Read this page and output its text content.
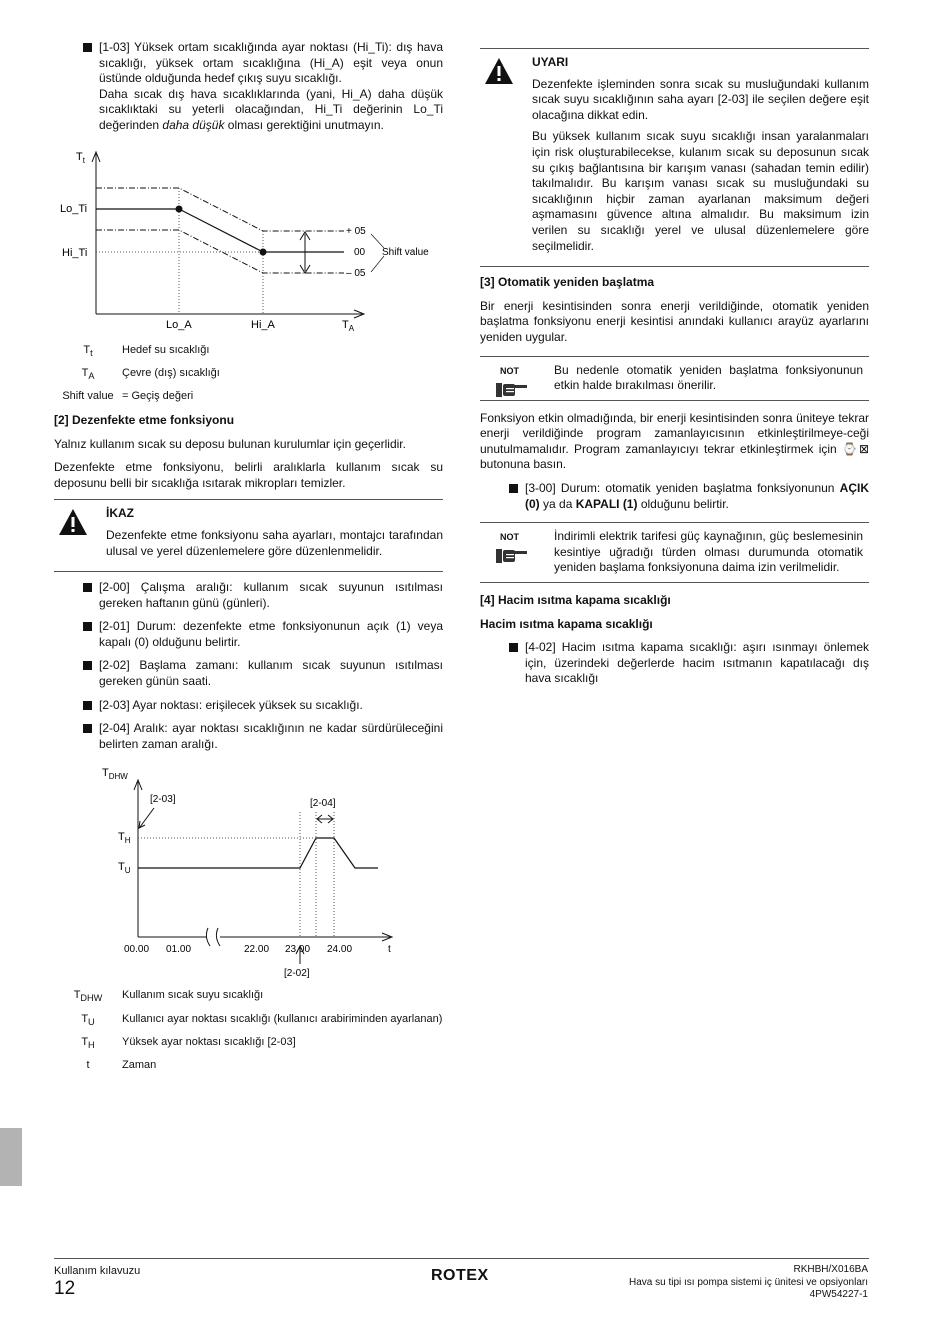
[1-03] Yüksek ortam sıcaklığında ayar noktası (Hi_Ti): dış hava sıcaklığı, yüksek ortam sıcaklığına (Hi_A) eşit veya onun üstünde olduğunda hedef çıkış suyu sıcaklığı.
Daha sıcak dış hava sıcaklıklarında (yani, Hi_A) daha düşük sıcaklıktaki su yeterli olacağından, Hi_Ti değerinin Lo_Ti değerinden daha düşük olması gerektiğini unutmayın.
$T_t$
$T_A$
Lo_Ti
Hi_Ti
Lo_A	Hi_A
+ 05
00
– 05
Shift value
$T_t$	Hedef su sıcaklığı
$T_A$	Çevre (dış) sıcaklığı
Shift value = Geçiş değeri
[2] Dezenfekte etme fonksiyonu

Yalnız kullanım sıcak su deposu bulunan kurulumlar için geçerlidir.

Dezenfekte etme fonksiyonu, belirli aralıklarla kullanım sıcak su deposunu belli bir sıcaklığa ısıtarak mikropları temizler.

İKAZ

Dezenfekte etme fonksiyonu saha ayarları, montajcı tarafından ulusal ve yerel düzenlemelere göre düzenlenmelidir.

[2-00] Çalışma aralığı: kullanım sıcak suyunun ısıtılması gereken haftanın günü (günleri).
[2-01] Durum: dezenfekte etme fonksiyonunun açık (1) veya kapalı (0) olduğunu belirtir.
[2-02] Başlama zamanı: kullanım sıcak suyunun ısıtılması gereken günün saati.
[2-03] Ayar noktası: erişilecek yüksek su sıcaklığı.
[2-04] Aralık: ayar noktası sıcaklığının ne kadar sürdürüleceğini belirten zaman aralığı.
$T_{DHW}$
[2-04]
[2-03]
[2-02]
$T_H$
$T_U$
00.00 01.00	22.00 23.00 24.00	t
$T_{DHW}$	Kullanım sıcak suyu sıcaklığı
$T_U$	Kullanıcı ayar noktası sıcaklığı (kullanıcı arabiriminden ayarlanan)
$T_H$	Yüksek ayar noktası sıcaklığı [2-03]
t	Zaman
UYARI

Dezenfekte işleminden sonra sıcak su musluğundaki kullanım sıcak suyu sıcaklığının saha ayarı [2-03] ile seçilen değere eşit olacağına dikkat edin.

Bu yüksek kullanım sıcak suyu sıcaklığı insan yaralanmaları için risk oluşturabilecekse, kulanım sıcak su deposunun sıcak su çıkış bağlantısına bir karışım vanası (sahadan temin edilir) takılmalıdır. Bu karışım vanası sıcak su musluğundaki su sıcaklığının hiçbir zaman ayarlanan maksimum değeri aşmamasını güvence altına almalıdır. Bu maksimum izin verilen su sıcaklığı yerel ve ulusal düzenlemelere göre seçilmelidir.

[3] Otomatik yeniden başlatma

Bir enerji kesintisinden sonra enerji verildiğinde, otomatik yeniden başlatma fonksiyonu enerji kesintisi anındaki kullanıcı arayüz ayarlarını yeniden uygular.

NOT	Bu nedenle otomatik yeniden başlatma fonksiyonunun etkin halde bırakılması önerilir.

Fonksiyon etkin olmadığında, bir enerji kesintisinden sonra üniteye tekrar enerji verildiğinde program zamanlayıcısının etkinleştirilmeye-ceği unutulmamalıdır. Program zamanlayıcıyı tekrar etkinleştirmek için ⌚⊠ butonuna basın.

[3-00] Durum: otomatik yeniden başlatma fonksiyonunun AÇIK (0) ya da KAPALI (1) olduğunu belirtir.
NOT	İndirimli elektrik tarifesi güç kaynağının, güç beslemesinin kesintiye uğradığı türden olması durumunda otomatik yeniden başlama fonksiyonuna daima izin verilmelidir.

[4] Hacim ısıtma kapama sıcaklığı
Hacim ısıtma kapama sıcaklığı
[4-02] Hacim ısıtma kapama sıcaklığı: aşırı ısınmayı önlemek için, üzerindeki değerlerde hacim ısıtmanın kapatılacağı dış hava sıcaklığı
Kullanım kılavuzu
12
ROTEX	RKHBH/X016BA
Hava su tipi ısı pompa sistemi iç ünitesi ve opsiyonları
4PW54227-1
